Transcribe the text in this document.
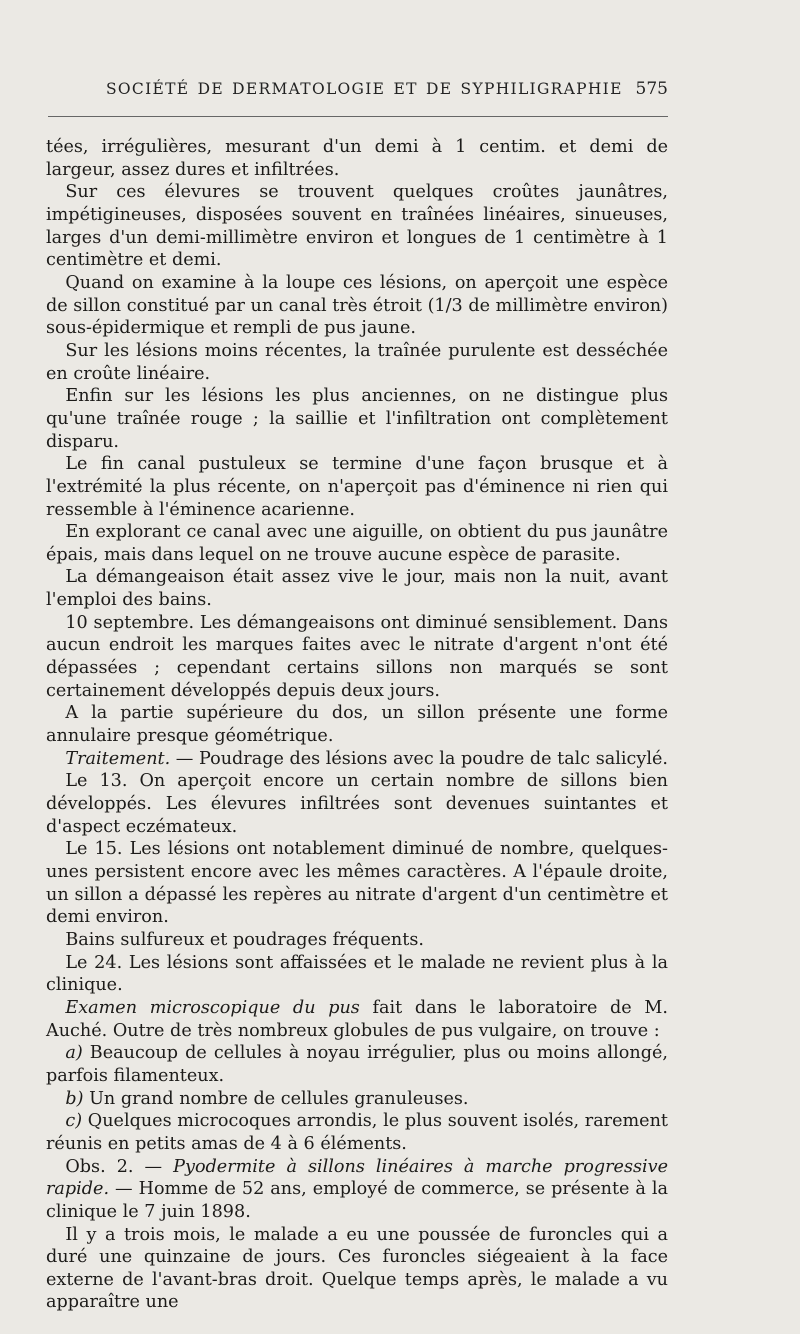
SOCIÉTÉ DE DERMATOLOGIE ET DE SYPHILIGRAPHIE 575

tées, irrégulières, mesurant d'un demi à 1 centim. et demi de largeur, assez dures et infiltrées.

Sur ces élevures se trouvent quelques croûtes jaunâtres, impétigineuses, disposées souvent en traînées linéaires, sinueuses, larges d'un demi-millimètre environ et longues de 1 centimètre à 1 centimètre et demi.

Quand on examine à la loupe ces lésions, on aperçoit une espèce de sillon constitué par un canal très étroit (1/3 de millimètre environ) sous-épidermique et rempli de pus jaune.

Sur les lésions moins récentes, la traînée purulente est desséchée en croûte linéaire.

Enfin sur les lésions les plus anciennes, on ne distingue plus qu'une traînée rouge ; la saillie et l'infiltration ont complètement disparu.

Le fin canal pustuleux se termine d'une façon brusque et à l'extrémité la plus récente, on n'aperçoit pas d'éminence ni rien qui ressemble à l'éminence acarienne.

En explorant ce canal avec une aiguille, on obtient du pus jaunâtre épais, mais dans lequel on ne trouve aucune espèce de parasite.

La démangeaison était assez vive le jour, mais non la nuit, avant l'emploi des bains.

10 septembre. Les démangeaisons ont diminué sensiblement. Dans aucun endroit les marques faites avec le nitrate d'argent n'ont été dépassées ; cependant certains sillons non marqués se sont certainement développés depuis deux jours.

A la partie supérieure du dos, un sillon présente une forme annulaire presque géométrique.

Traitement. — Poudrage des lésions avec la poudre de talc salicylé.

Le 13. On aperçoit encore un certain nombre de sillons bien développés. Les élevures infiltrées sont devenues suintantes et d'aspect eczémateux.

Le 15. Les lésions ont notablement diminué de nombre, quelques-unes persistent encore avec les mêmes caractères. A l'épaule droite, un sillon a dépassé les repères au nitrate d'argent d'un centimètre et demi environ.

Bains sulfureux et poudrages fréquents.

Le 24. Les lésions sont affaissées et le malade ne revient plus à la clinique.

Examen microscopique du pus fait dans le laboratoire de M. Auché. Outre de très nombreux globules de pus vulgaire, on trouve :

a) Beaucoup de cellules à noyau irrégulier, plus ou moins allongé, parfois filamenteux.

b) Un grand nombre de cellules granuleuses.

c) Quelques microcoques arrondis, le plus souvent isolés, rarement réunis en petits amas de 4 à 6 éléments.

Obs. 2. — Pyodermite à sillons linéaires à marche progressive rapide. — Homme de 52 ans, employé de commerce, se présente à la clinique le 7 juin 1898.

Il y a trois mois, le malade a eu une poussée de furoncles qui a duré une quinzaine de jours. Ces furoncles siégeaient à la face externe de l'avant-bras droit. Quelque temps après, le malade a vu apparaître une
